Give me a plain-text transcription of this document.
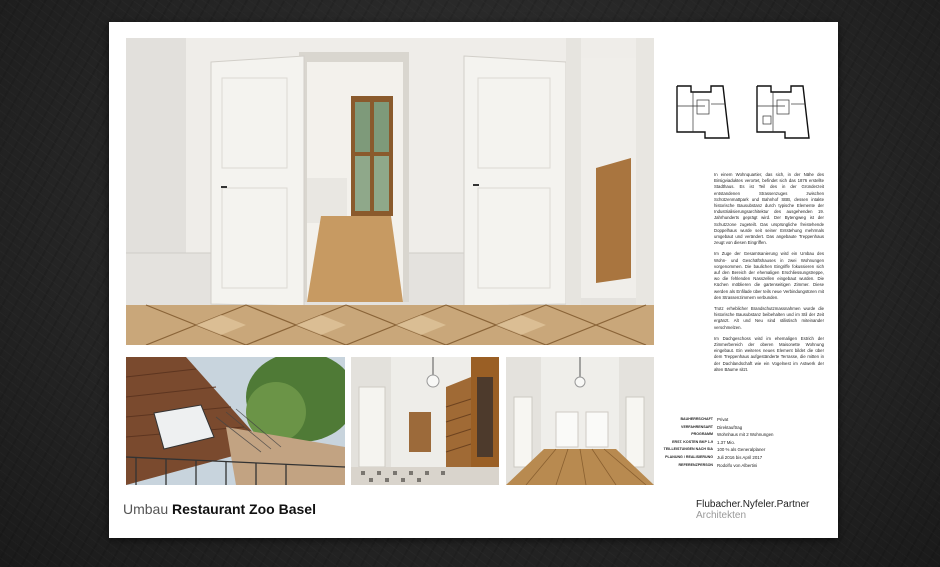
In einem Wohnquartier, das sich, in der Nähe des Birsigviaduktes verortet, befindet sich das 1876 erstellte Stadthaus. Es ist Teil des in der Gründerzeit entstandenen Strassenzuges zwischen Schützenmattpark und Bahnhof SBB, dessen intakte historische Bausubstanz durch typische Elemente der Industrialisierungsarchitektur des ausgehenden 19. Jahrhunderts geprägt wird. Der Bytengweg ist der Schutzzone zugeteilt. Das ursprüngliche freistehende Doppelhaus wurde seit seiner Entstehung mehrmals umgebaut und verändert. Das angebaute Treppenhaus zeugt von diesen Eingriffen.

Im Zuge der Gesamtsanierung wird ein Umbau des Wohn- und Geschäftshauses in zwei Wohnungen vorgenommen. Die baulichen Eingriffe fokussieren sich auf den Bereich der ehemaligen Erschliessungstreppe, wo die fehlenden Nasszellen eingebaut wurden. Die Küchen möblieren die gartenseitigen Zimmer. Diese werden als Enfilade über teils neue Verbindungstüren mit den Strassenzimmern verbunden.

Trotz erheblicher Brandschutzmassnahmen wurde die historische Bausubstanz beibehalten und im Stil der Zeit ergänzt. Alt und Neu sind stilistisch miteinander verschmelzen.

Im Dachgeschoss wird im ehemaligen Estrich der Zimmerbereich der oberen Maisonette Wohnung eingebaut. Ein weiteres neues Element bildet die über dem Treppenhaus aufgeständerte Terrasse, die mitten in der Dachlandschaft wie ein Vogelnest im Astwerk der alten Bäume sitzt.

BAUHERRSCHAFT Privat
VERFAHRENSART Direktauftrag
PROGRAMM Wohnhaus mit 2 Wohnungen
ERST. KOSTEN BKP 1-9 1.37 Mio.
TEILLEISTUNGEN NACH SIA 100 % als Generalplaner
PLANUNG / REALISIERUNG Juli 2016 bis April 2017
REFERENZPERSON Rodolfo von Albertini
Umbau Restaurant Zoo Basel	Flubacher.Nyfeler.Partner
Architekten
